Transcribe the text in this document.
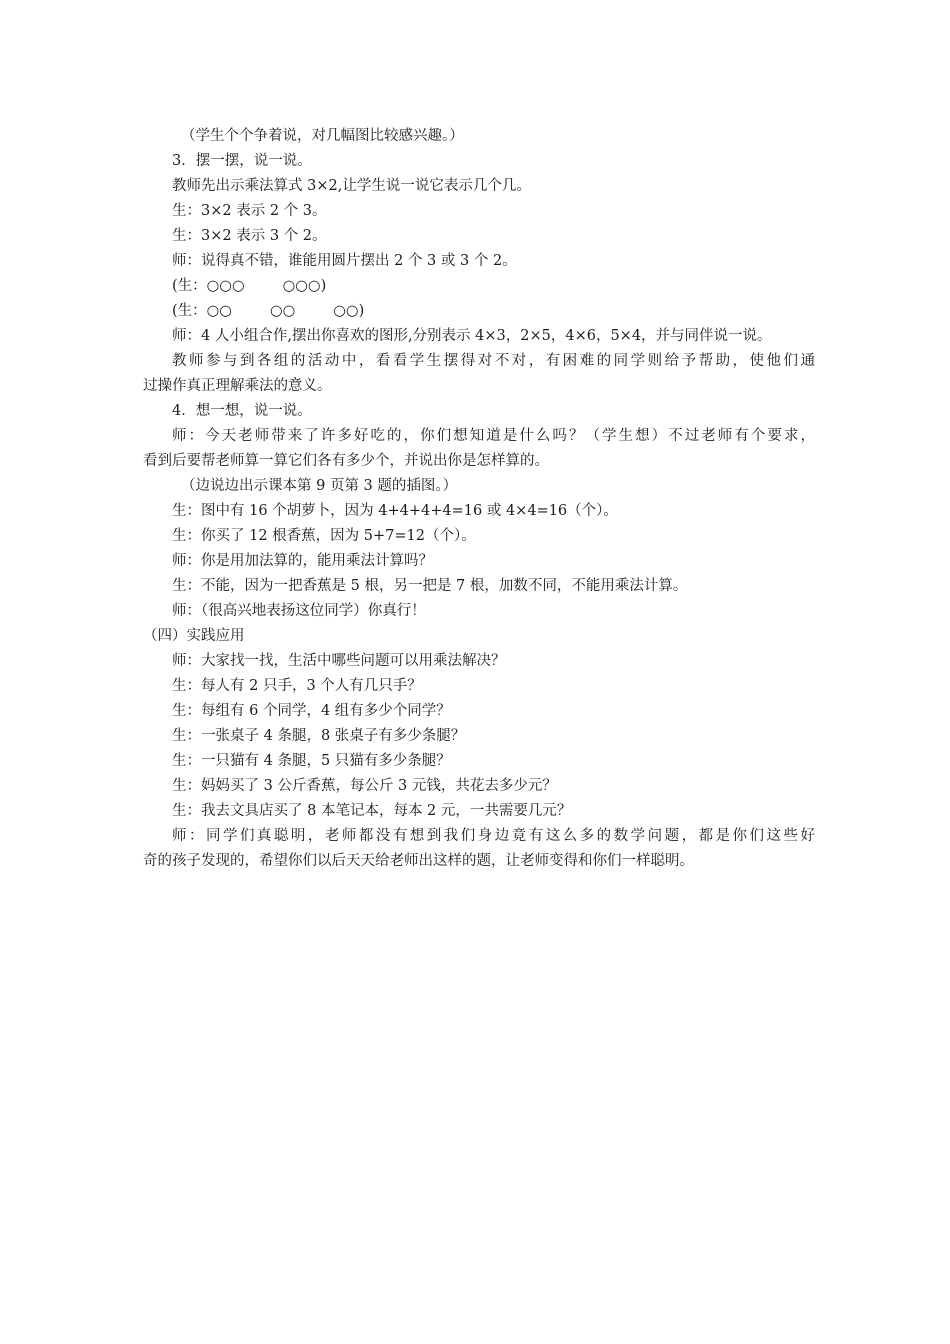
（学生个个争着说，对几幅图比较感兴趣。）
3．摆一摆，说一说。
教师先出示乘法算式 3×2,让学生说一说它表示几个几。
生：3×2 表示 2 个 3。
生：3×2 表示 3 个 2。
师：说得真不错，谁能用圆片摆出 2 个 3 或 3 个 2。
(生：○○○	○○○)
(生：○○	○○	○○)
师：4 人小组合作,摆出你喜欢的图形,分别表示 4×3，2×5，4×6，5×4，并与同伴说一说。
教师参与到各组的活动中，看看学生摆得对不对，有困难的同学则给予帮助，使他们通
过操作真正理解乘法的意义。
4．想一想，说一说。
师：今天老师带来了许多好吃的，你们想知道是什么吗？（学生想）不过老师有个要求，
看到后要帮老师算一算它们各有多少个，并说出你是怎样算的。
（边说边出示课本第 9 页第 3 题的插图。）
生：图中有 16 个胡萝卜，因为 4+4+4+4=16 或 4×4=16（个）。
生：你买了 12 根香蕉，因为 5+7=12（个）。
师：你是用加法算的，能用乘法计算吗？
生：不能，因为一把香蕉是 5 根，另一把是 7 根，加数不同，不能用乘法计算。
师：（很高兴地表扬这位同学）你真行！
（四）实践应用
师：大家找一找，生活中哪些问题可以用乘法解决？
生：每人有 2 只手，3 个人有几只手？
生：每组有 6 个同学，4 组有多少个同学？
生：一张桌子 4 条腿，8 张桌子有多少条腿？
生：一只猫有 4 条腿，5 只猫有多少条腿？
生：妈妈买了 3 公斤香蕉，每公斤 3 元钱，共花去多少元？
生：我去文具店买了 8 本笔记本，每本 2 元，一共需要几元？
师：同学们真聪明，老师都没有想到我们身边竟有这么多的数学问题，都是你们这些好
奇的孩子发现的，希望你们以后天天给老师出这样的题，让老师变得和你们一样聪明。
